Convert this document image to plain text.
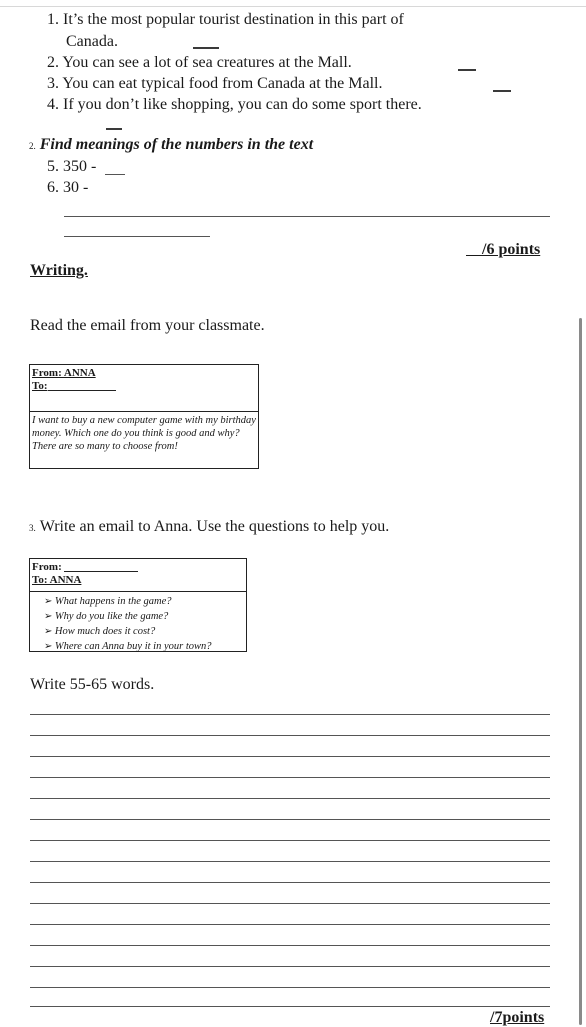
1. It’s the most popular tourist destination in this part of
Canada.
2. You can see a lot of sea creatures at the Mall.
3. You can eat typical food from Canada at the Mall.
4. If you don’t like shopping, you can do some sport there.
2. Find meanings of the numbers in the text
5. 350 -
6. 30 -
/6 points
Writing.
Read the email from your classmate.
From: ANNA
To:
I want to buy a new computer game with my birthday money. Which one do you think is good and why? There are so many to choose from!
3. Write an email to Anna. Use the questions to help you.
From:
To: ANNA
➢ What happens in the game?
➢ Why do you like the game?
➢ How much does it cost?
➢ Where can Anna buy it in your town?
Write 55-65 words.
/7points
